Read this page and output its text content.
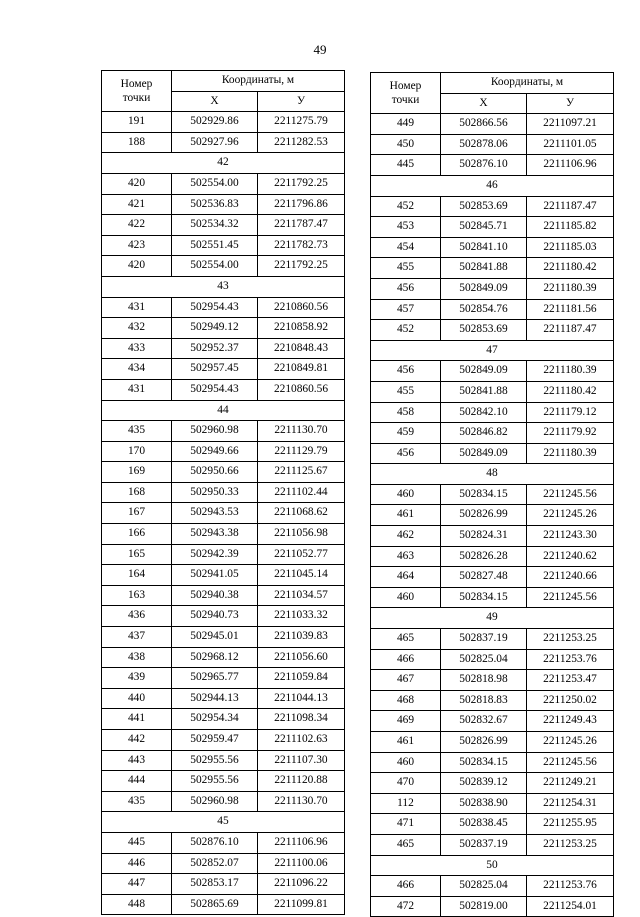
49
Номер
точки	Координаты, м	
	X	У
191	502929.86	2211275.79
188	502927.96	2211282.53
42		
420	502554.00	2211792.25
421	502536.83	2211796.86
422	502534.32	2211787.47
423	502551.45	2211782.73
420	502554.00	2211792.25
43		
431	502954.43	2210860.56
432	502949.12	2210858.92
433	502952.37	2210848.43
434	502957.45	2210849.81
431	502954.43	2210860.56
44		
435	502960.98	2211130.70
170	502949.66	2211129.79
169	502950.66	2211125.67
168	502950.33	2211102.44
167	502943.53	2211068.62
166	502943.38	2211056.98
165	502942.39	2211052.77
164	502941.05	2211045.14
163	502940.38	2211034.57
436	502940.73	2211033.32
437	502945.01	2211039.83
438	502968.12	2211056.60
439	502965.77	2211059.84
440	502944.13	2211044.13
441	502954.34	2211098.34
442	502959.47	2211102.63
443	502955.56	2211107.30
444	502955.56	2211120.88
435	502960.98	2211130.70
45		
445	502876.10	2211106.96
446	502852.07	2211100.06
447	502853.17	2211096.22
448	502865.69	2211099.81
Номер
точки	Координаты, м	
	X	У
449	502866.56	2211097.21
450	502878.06	2211101.05
445	502876.10	2211106.96
46		
452	502853.69	2211187.47
453	502845.71	2211185.82
454	502841.10	2211185.03
455	502841.88	2211180.42
456	502849.09	2211180.39
457	502854.76	2211181.56
452	502853.69	2211187.47
47		
456	502849.09	2211180.39
455	502841.88	2211180.42
458	502842.10	2211179.12
459	502846.82	2211179.92
456	502849.09	2211180.39
48		
460	502834.15	2211245.56
461	502826.99	2211245.26
462	502824.31	2211243.30
463	502826.28	2211240.62
464	502827.48	2211240.66
460	502834.15	2211245.56
49		
465	502837.19	2211253.25
466	502825.04	2211253.76
467	502818.98	2211253.47
468	502818.83	2211250.02
469	502832.67	2211249.43
461	502826.99	2211245.26
460	502834.15	2211245.56
470	502839.12	2211249.21
112	502838.90	2211254.31
471	502838.45	2211255.95
465	502837.19	2211253.25
50		
466	502825.04	2211253.76
472	502819.00	2211254.01
